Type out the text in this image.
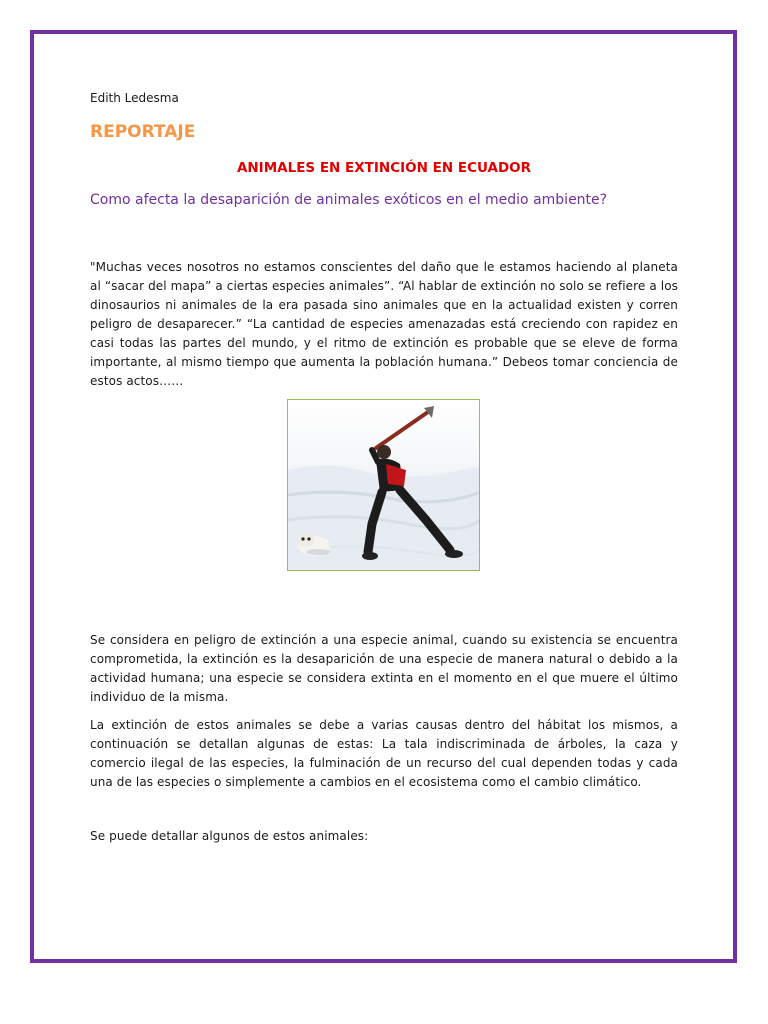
Edith Ledesma
REPORTAJE
ANIMALES EN EXTINCIÓN EN ECUADOR
Como afecta la desaparición de animales exóticos en el medio ambiente?

"Muchas veces nosotros no estamos conscientes del daño que le estamos haciendo al planeta al “sacar del mapa” a ciertas especies animales”. “Al hablar de extinción no solo se refiere a los dinosaurios ni animales de la era pasada sino animales que en la actualidad existen y corren peligro de desaparecer.” “La cantidad de especies amenazadas está creciendo con rapidez en casi todas las partes del mundo, y el ritmo de extinción es probable que se eleve de forma importante, al mismo tiempo que aumenta la población humana.” Debeos tomar conciencia de estos actos……

Se considera en peligro de extinción a una especie animal, cuando su existencia se encuentra comprometida, la extinción es la desaparición de una especie de manera natural o debido a la actividad humana; una especie se considera extinta en el momento en el que muere el último individuo de la misma.

La extinción de estos animales se debe a varias causas dentro del hábitat los mismos, a continuación se detallan algunas de estas: La tala indiscriminada de árboles, la caza y comercio ilegal de las especies, la fulminación de un recurso del cual dependen todas y cada una de las especies o simplemente a cambios en el ecosistema como el cambio climático.

Se puede detallar algunos de estos animales:
